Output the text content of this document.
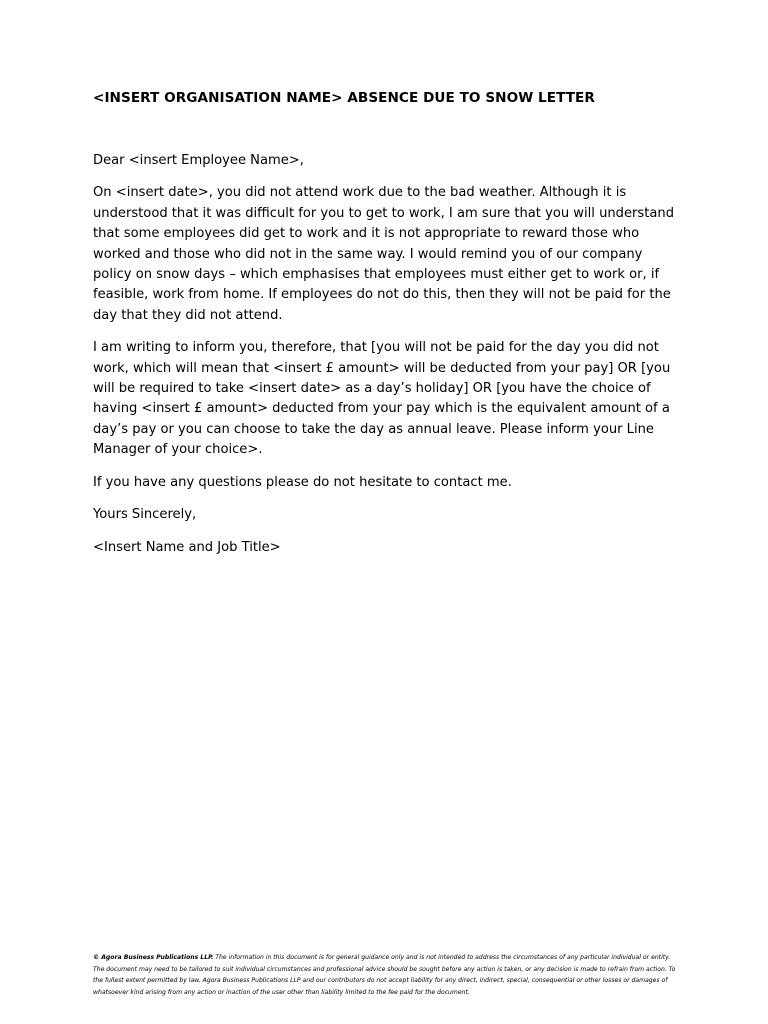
<INSERT ORGANISATION NAME> ABSENCE DUE TO SNOW LETTER

Dear <insert Employee Name>,

On <insert date>, you did not attend work due to the bad weather. Although it is understood that it was difficult for you to get to work, I am sure that you will understand that some employees did get to work and it is not appropriate to reward those who worked and those who did not in the same way. I would remind you of our company policy on snow days – which emphasises that employees must either get to work or, if feasible, work from home. If employees do not do this, then they will not be paid for the day that they did not attend.

I am writing to inform you, therefore, that [you will not be paid for the day you did not work, which will mean that <insert £ amount> will be deducted from your pay] OR [you will be required to take <insert date> as a day’s holiday] OR [you have the choice of having <insert £ amount> deducted from your pay which is the equivalent amount of a day’s pay or you can choose to take the day as annual leave. Please inform your Line Manager of your choice>.

If you have any questions please do not hesitate to contact me.

Yours Sincerely,

<Insert Name and Job Title>

© Agora Business Publications LLP. The information in this document is for general guidance only and is not intended to address the circumstances of any particular individual or entity. The document may need to be tailored to suit individual circumstances and professional advice should be sought before any action is taken, or any decision is made to refrain from action. To the fullest extent permitted by law, Agora Business Publications LLP and our contributors do not accept liability for any direct, indirect, special, consequential or other losses or damages of whatsoever kind arising from any action or inaction of the user other than liability limited to the fee paid for the document.
